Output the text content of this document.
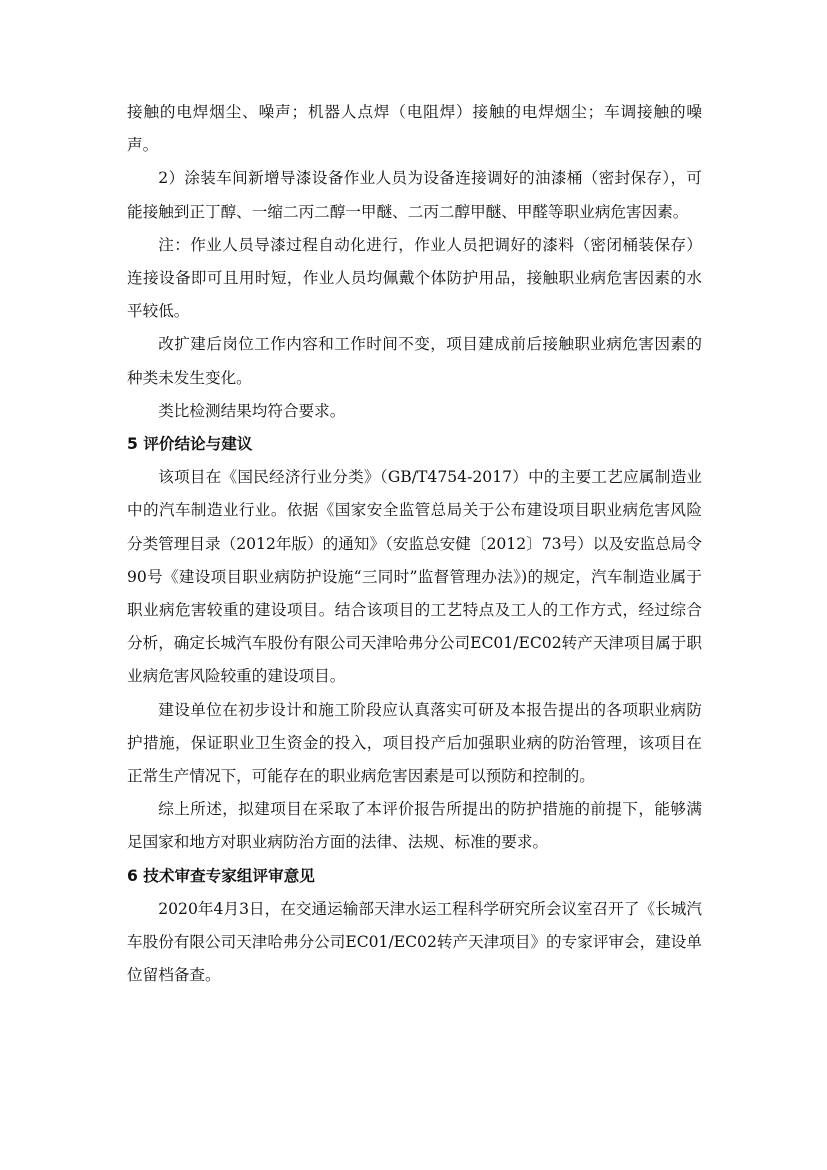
接触的电焊烟尘、噪声；机器人点焊（电阻焊）接触的电焊烟尘；车调接触的噪声。

2）涂装车间新增导漆设备作业人员为设备连接调好的油漆桶（密封保存），可能接触到正丁醇、一缩二丙二醇一甲醚、二丙二醇甲醚、甲醛等职业病危害因素。

注：作业人员导漆过程自动化进行，作业人员把调好的漆料（密闭桶装保存）连接设备即可且用时短，作业人员均佩戴个体防护用品，接触职业病危害因素的水平较低。

改扩建后岗位工作内容和工作时间不变，项目建成前后接触职业病危害因素的种类未发生变化。

类比检测结果均符合要求。

5 评价结论与建议

该项目在《国民经济行业分类》（GB/T4754-2017）中的主要工艺应属制造业中的汽车制造业行业。依据《国家安全监管总局关于公布建设项目职业病危害风险分类管理目录（2012年版）的通知》（安监总安健〔2012〕73号）以及安监总局令90号《建设项目职业病防护设施“三同时”监督管理办法》)的规定，汽车制造业属于职业病危害较重的建设项目。结合该项目的工艺特点及工人的工作方式，经过综合分析，确定长城汽车股份有限公司天津哈弗分公司EC01/EC02转产天津项目属于职业病危害风险较重的建设项目。

建设单位在初步设计和施工阶段应认真落实可研及本报告提出的各项职业病防护措施，保证职业卫生资金的投入，项目投产后加强职业病的防治管理，该项目在正常生产情况下，可能存在的职业病危害因素是可以预防和控制的。

综上所述，拟建项目在采取了本评价报告所提出的防护措施的前提下，能够满足国家和地方对职业病防治方面的法律、法规、标准的要求。

6 技术审查专家组评审意见

2020年4月3日，在交通运输部天津水运工程科学研究所会议室召开了《长城汽车股份有限公司天津哈弗分公司EC01/EC02转产天津项目》的专家评审会，建设单位留档备查。
